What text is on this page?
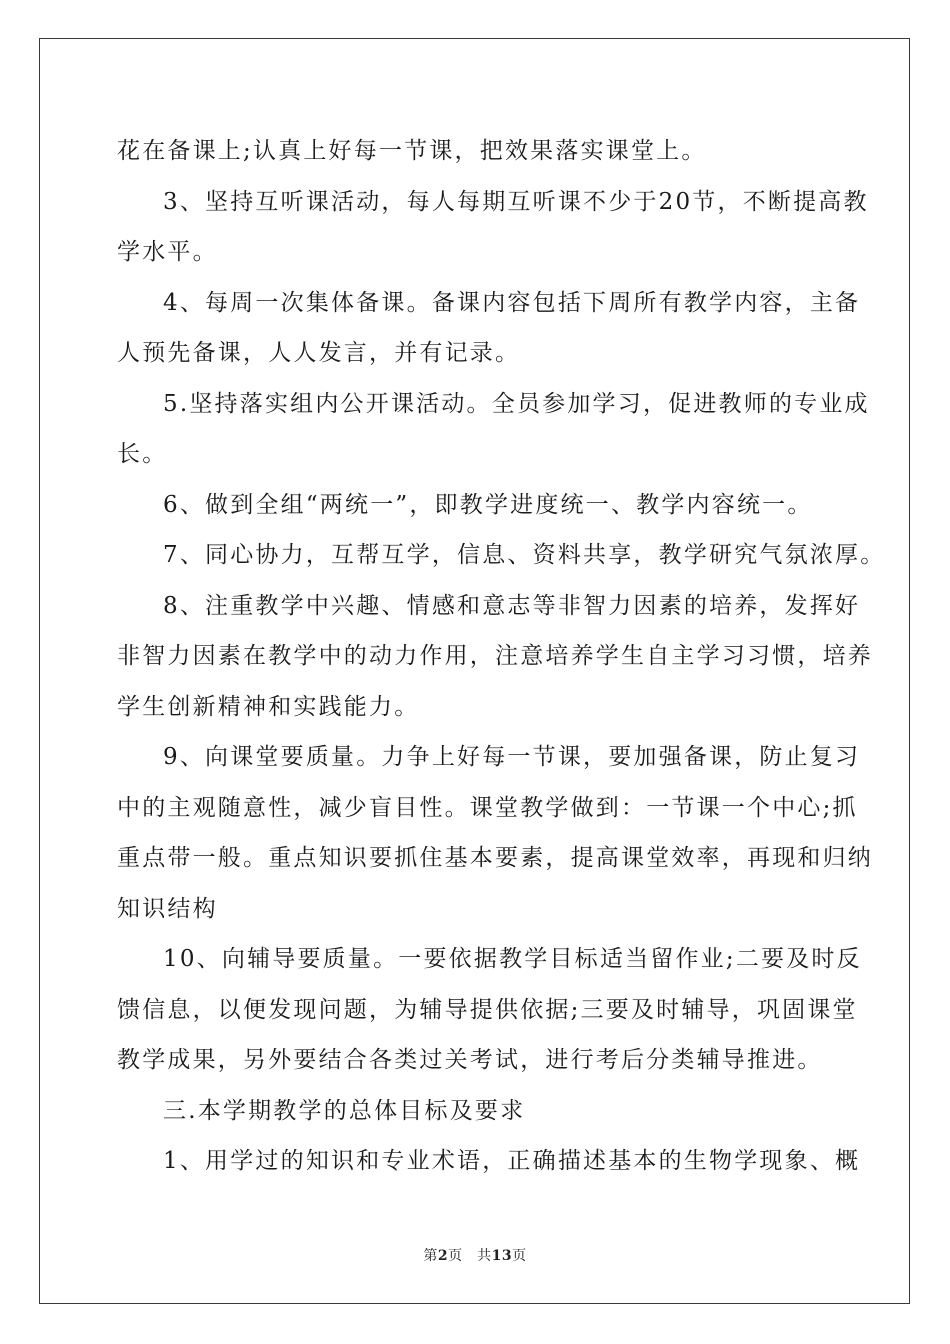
花在备课上;认真上好每一节课，把效果落实课堂上。
3、坚持互听课活动，每人每期互听课不少于20节，不断提高教
学水平。
4、每周一次集体备课。备课内容包括下周所有教学内容，主备
人预先备课，人人发言，并有记录。
5.坚持落实组内公开课活动。全员参加学习，促进教师的专业成
长。
6、做到全组“两统一”，即教学进度统一、教学内容统一。
7、同心协力，互帮互学，信息、资料共享，教学研究气氛浓厚。
8、注重教学中兴趣、情感和意志等非智力因素的培养，发挥好
非智力因素在教学中的动力作用，注意培养学生自主学习习惯，培养
学生创新精神和实践能力。
9、向课堂要质量。力争上好每一节课，要加强备课，防止复习
中的主观随意性，减少盲目性。课堂教学做到：一节课一个中心;抓
重点带一般。重点知识要抓住基本要素，提高课堂效率，再现和归纳
知识结构
10、向辅导要质量。一要依据教学目标适当留作业;二要及时反
馈信息，以便发现问题，为辅导提供依据;三要及时辅导，巩固课堂
教学成果，另外要结合各类过关考试，进行考后分类辅导推进。
三.本学期教学的总体目标及要求
1、用学过的知识和专业术语，正确描述基本的生物学现象、概
第2页　共13页
